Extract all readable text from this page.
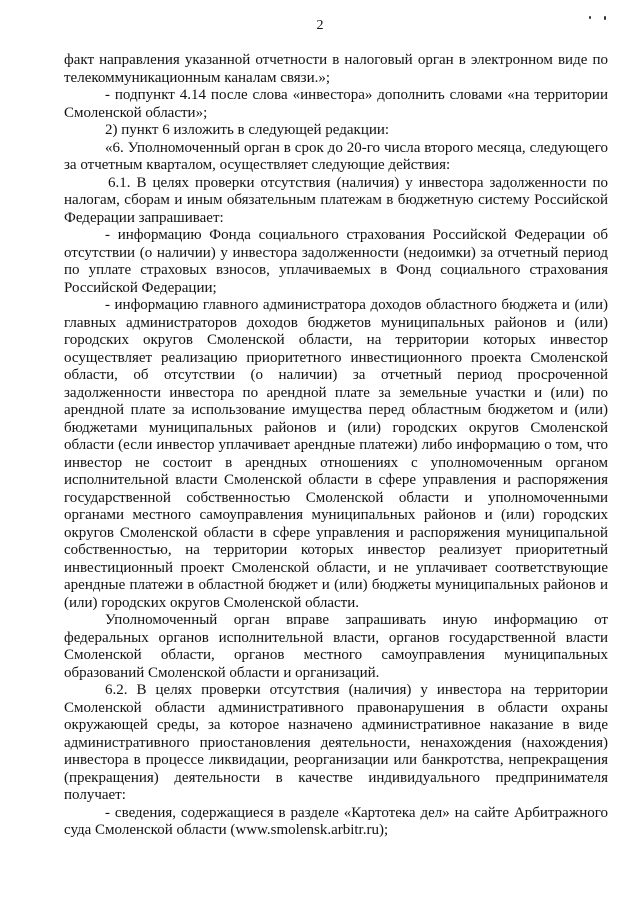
2
факт направления указанной отчетности в налоговый орган в электронном виде по
телекоммуникационным каналам связи.»;
- подпункт 4.14 после слова «инвестора» дополнить словами «на территории
Смоленской области»;
2) пункт 6 изложить в следующей редакции:
«6. Уполномоченный орган в срок до 20-го числа второго месяца, следующего
за отчетным кварталом, осуществляет следующие действия:
6.1. В целях проверки отсутствия (наличия) у инвестора задолженности по
налогам, сборам и иным обязательным платежам в бюджетную систему Российской
Федерации запрашивает:
- информацию Фонда социального страхования Российской Федерации об
отсутствии (о наличии) у инвестора задолженности (недоимки) за отчетный период
по уплате страховых взносов, уплачиваемых в Фонд социального страхования
Российской Федерации;
- информацию главного администратора доходов областного бюджета и (или)
главных администраторов доходов бюджетов муниципальных районов и (или)
городских округов Смоленской области, на территории которых инвестор
осуществляет реализацию приоритетного инвестиционного проекта Смоленской
области, об отсутствии (о наличии) за отчетный период просроченной
задолженности инвестора по арендной плате за земельные участки и (или) по
арендной плате за использование имущества перед областным бюджетом и (или)
бюджетами муниципальных районов и (или) городских округов Смоленской
области (если инвестор уплачивает арендные платежи) либо информацию о том, что
инвестор не состоит в арендных отношениях с уполномоченным органом
исполнительной власти Смоленской области в сфере управления и распоряжения
государственной собственностью Смоленской области и уполномоченными
органами местного самоуправления муниципальных районов и (или) городских
округов Смоленской области в сфере управления и распоряжения муниципальной
собственностью, на территории которых инвестор реализует приоритетный
инвестиционный проект Смоленской области, и не уплачивает соответствующие
арендные платежи в областной бюджет и (или) бюджеты муниципальных районов и
(или) городских округов Смоленской области.
Уполномоченный орган вправе запрашивать иную информацию от
федеральных органов исполнительной власти, органов государственной власти
Смоленской области, органов местного самоуправления муниципальных
образований Смоленской области и организаций.
6.2. В целях проверки отсутствия (наличия) у инвестора на территории
Смоленской области административного правонарушения в области охраны
окружающей среды, за которое назначено административное наказание в виде
административного приостановления деятельности, ненахождения (нахождения)
инвестора в процессе ликвидации, реорганизации или банкротства, непрекращения
(прекращения) деятельности в качестве индивидуального предпринимателя
получает:
- сведения, содержащиеся в разделе «Картотека дел» на сайте Арбитражного
суда Смоленской области (www.smolensk.arbitr.ru);
